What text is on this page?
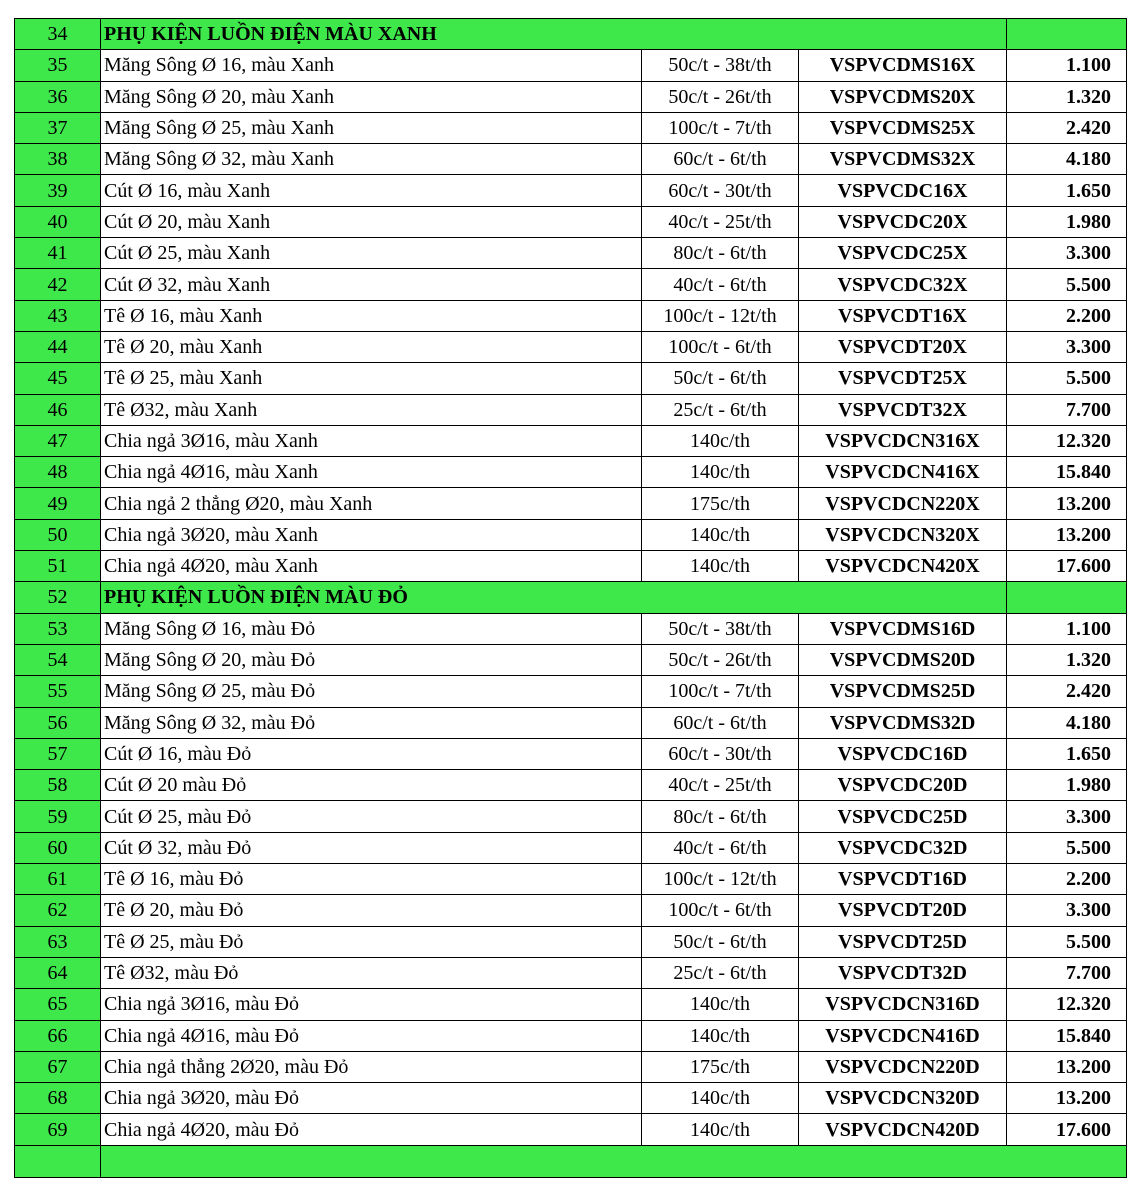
34	PHỤ KIỆN LUỒN ĐIỆN MÀU XANH			
35	Măng Sông Ø 16, màu Xanh	50c/t - 38t/th	VSPVCDMS16X	1.100
36	Măng Sông Ø 20, màu Xanh	50c/t - 26t/th	VSPVCDMS20X	1.320
37	Măng Sông Ø 25, màu Xanh	100c/t - 7t/th	VSPVCDMS25X	2.420
38	Măng Sông Ø 32, màu Xanh	60c/t - 6t/th	VSPVCDMS32X	4.180
39	Cút Ø 16, màu Xanh	60c/t - 30t/th	VSPVCDC16X	1.650
40	Cút Ø 20, màu Xanh	40c/t - 25t/th	VSPVCDC20X	1.980
41	Cút Ø 25, màu Xanh	80c/t - 6t/th	VSPVCDC25X	3.300
42	Cút Ø 32, màu Xanh	40c/t - 6t/th	VSPVCDC32X	5.500
43	Tê Ø 16, màu Xanh	100c/t - 12t/th	VSPVCDT16X	2.200
44	Tê Ø 20, màu Xanh	100c/t - 6t/th	VSPVCDT20X	3.300
45	Tê Ø 25, màu Xanh	50c/t - 6t/th	VSPVCDT25X	5.500
46	Tê Ø32, màu Xanh	25c/t - 6t/th	VSPVCDT32X	7.700
47	Chia ngả 3Ø16, màu Xanh	140c/th	VSPVCDCN316X	12.320
48	Chia ngả 4Ø16, màu Xanh	140c/th	VSPVCDCN416X	15.840
49	Chia ngả 2 thẳng Ø20, màu Xanh	175c/th	VSPVCDCN220X	13.200
50	Chia ngả 3Ø20, màu Xanh	140c/th	VSPVCDCN320X	13.200
51	Chia ngả 4Ø20, màu Xanh	140c/th	VSPVCDCN420X	17.600
52	PHỤ KIỆN LUỒN ĐIỆN MÀU ĐỎ			
53	Măng Sông Ø 16, màu Đỏ	50c/t - 38t/th	VSPVCDMS16D	1.100
54	Măng Sông Ø 20, màu Đỏ	50c/t - 26t/th	VSPVCDMS20D	1.320
55	Măng Sông Ø 25, màu Đỏ	100c/t - 7t/th	VSPVCDMS25D	2.420
56	Măng Sông Ø 32, màu Đỏ	60c/t - 6t/th	VSPVCDMS32D	4.180
57	Cút Ø 16, màu Đỏ	60c/t - 30t/th	VSPVCDC16D	1.650
58	Cút Ø 20 màu Đỏ	40c/t - 25t/th	VSPVCDC20D	1.980
59	Cút Ø 25, màu Đỏ	80c/t - 6t/th	VSPVCDC25D	3.300
60	Cút Ø 32, màu Đỏ	40c/t - 6t/th	VSPVCDC32D	5.500
61	Tê Ø 16, màu Đỏ	100c/t - 12t/th	VSPVCDT16D	2.200
62	Tê Ø 20, màu Đỏ	100c/t - 6t/th	VSPVCDT20D	3.300
63	Tê Ø 25, màu Đỏ	50c/t - 6t/th	VSPVCDT25D	5.500
64	Tê Ø32, màu Đỏ	25c/t - 6t/th	VSPVCDT32D	7.700
65	Chia ngả 3Ø16, màu Đỏ	140c/th	VSPVCDCN316D	12.320
66	Chia ngả 4Ø16, màu Đỏ	140c/th	VSPVCDCN416D	15.840
67	Chia ngả thẳng 2Ø20, màu Đỏ	175c/th	VSPVCDCN220D	13.200
68	Chia ngả 3Ø20, màu Đỏ	140c/th	VSPVCDCN320D	13.200
69	Chia ngả 4Ø20, màu Đỏ	140c/th	VSPVCDCN420D	17.600
